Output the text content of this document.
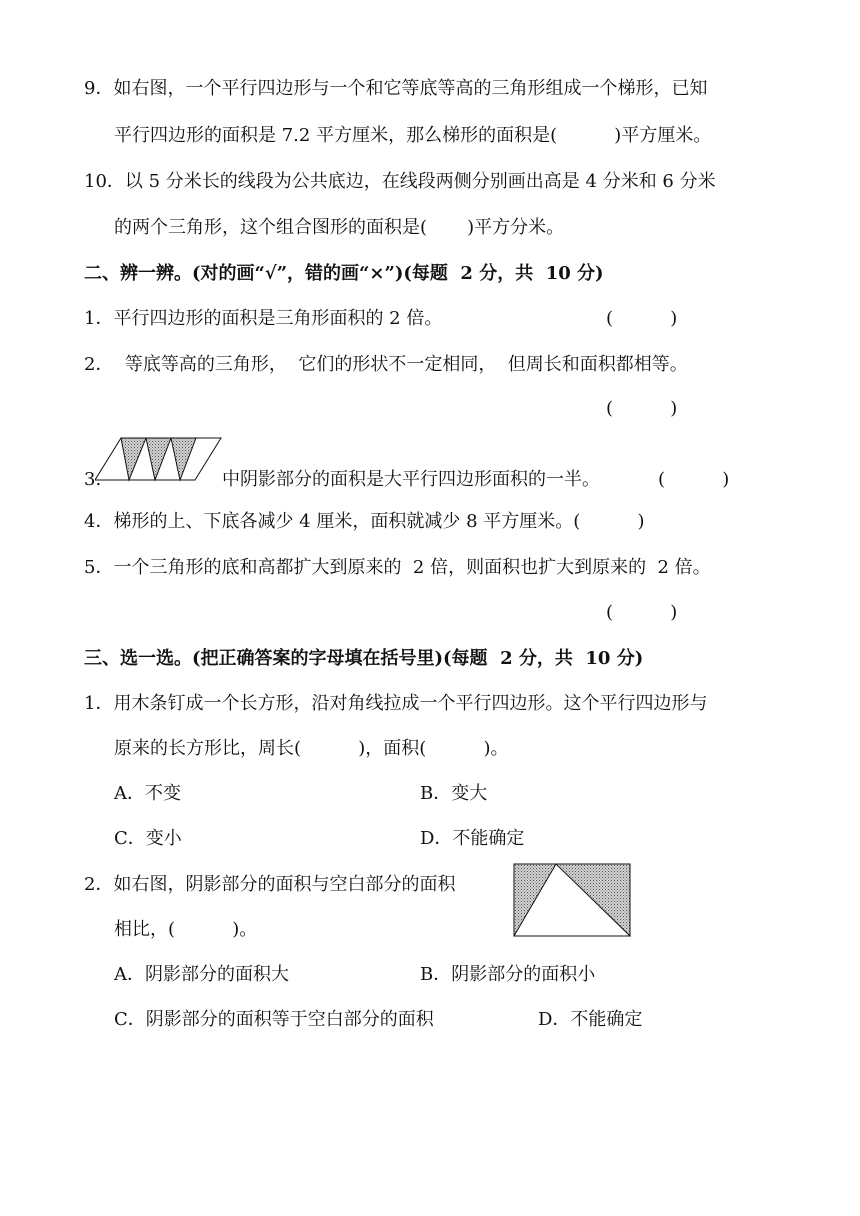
9．如右图，一个平行四边形与一个和它等底等高的三角形组成一个梯形，已知
平行四边形的面积是 7.2 平方厘米，那么梯形的面积是(          )平方厘米。
10．以 5 分米长的线段为公共底边，在线段两侧分别画出高是 4 分米和 6 分米
的两个三角形，这个组合图形的面积是(       )平方分米。
二、辨一辨。(对的画“√”，错的画“×”)(每题  2 分，共  10 分)
1．平行四边形的面积是三角形面积的 2 倍。	(          )
2．  等底等高的三角形，  它们的形状不一定相同，  但周长和面积都相等。
(          )
3.	中阴影部分的面积是大平行四边形面积的一半。	(          )
4．梯形的上、下底各减少 4 厘米，面积就减少 8 平方厘米。(          )
5．一个三角形的底和高都扩大到原来的  2 倍，则面积也扩大到原来的  2 倍。
(          )
三、选一选。(把正确答案的字母填在括号里)(每题  2 分，共  10 分)
1．用木条钉成一个长方形，沿对角线拉成一个平行四边形。这个平行四边形与
原来的长方形比，周长(          )，面积(          )。
A．不变	B．变大
C．变小	D．不能确定
2．如右图，阴影部分的面积与空白部分的面积
相比，(          )。
A．阴影部分的面积大	B．阴影部分的面积小
C．阴影部分的面积等于空白部分的面积	D．不能确定
